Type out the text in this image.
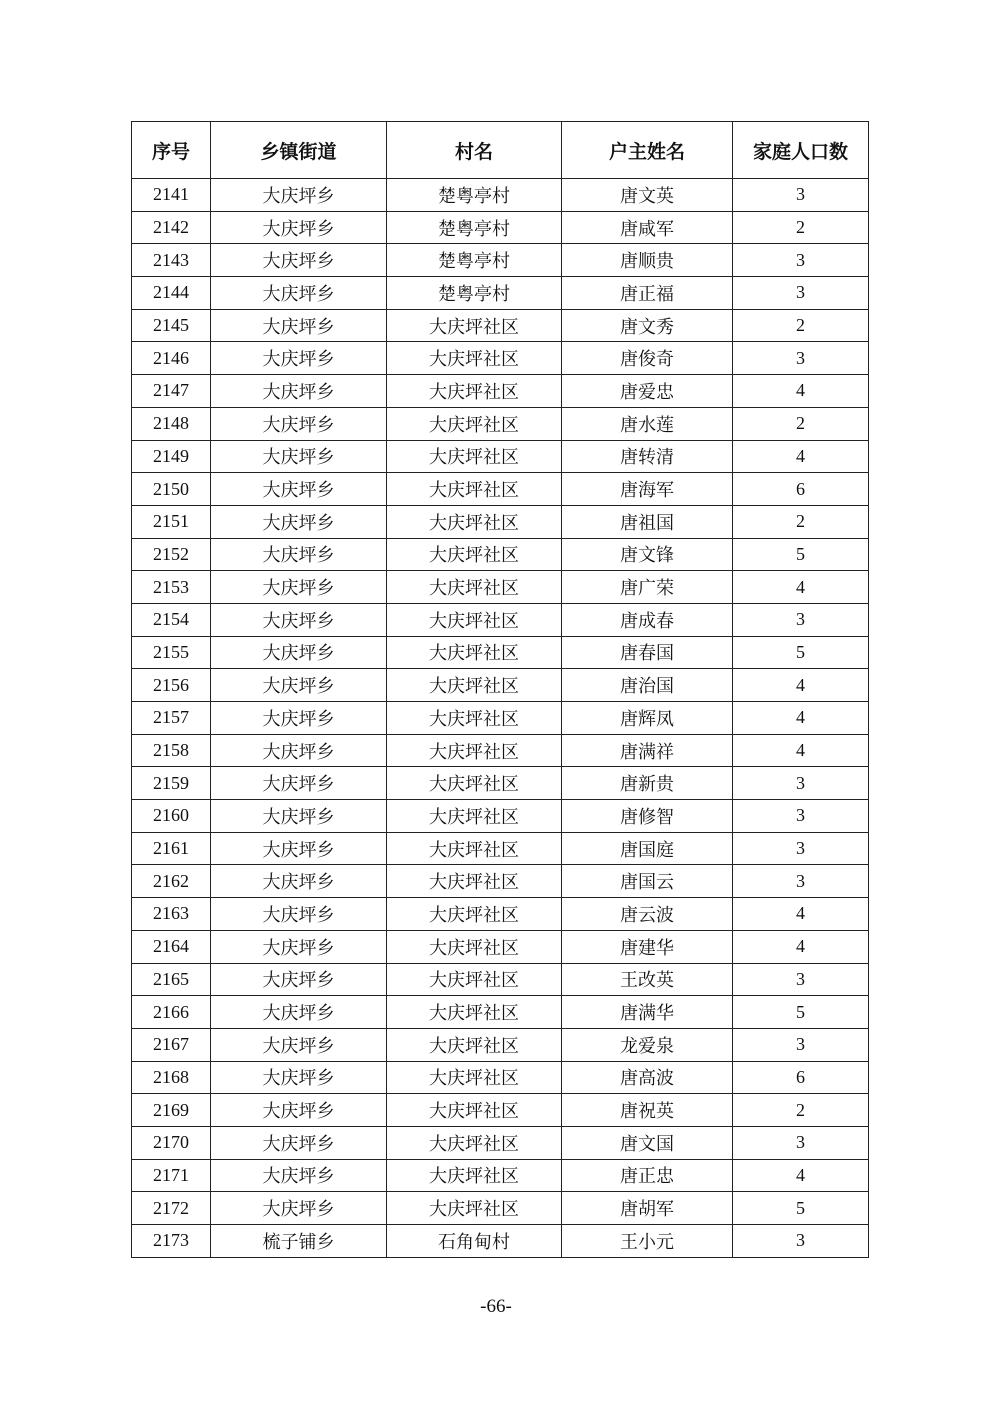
序号	乡镇街道	村名	户主姓名	家庭人口数
2141	大庆坪乡	楚粤亭村	唐文英	3
2142	大庆坪乡	楚粤亭村	唐咸军	2
2143	大庆坪乡	楚粤亭村	唐顺贵	3
2144	大庆坪乡	楚粤亭村	唐正福	3
2145	大庆坪乡	大庆坪社区	唐文秀	2
2146	大庆坪乡	大庆坪社区	唐俊奇	3
2147	大庆坪乡	大庆坪社区	唐爱忠	4
2148	大庆坪乡	大庆坪社区	唐水莲	2
2149	大庆坪乡	大庆坪社区	唐转清	4
2150	大庆坪乡	大庆坪社区	唐海军	6
2151	大庆坪乡	大庆坪社区	唐祖国	2
2152	大庆坪乡	大庆坪社区	唐文锋	5
2153	大庆坪乡	大庆坪社区	唐广荣	4
2154	大庆坪乡	大庆坪社区	唐成春	3
2155	大庆坪乡	大庆坪社区	唐春国	5
2156	大庆坪乡	大庆坪社区	唐治国	4
2157	大庆坪乡	大庆坪社区	唐辉凤	4
2158	大庆坪乡	大庆坪社区	唐满祥	4
2159	大庆坪乡	大庆坪社区	唐新贵	3
2160	大庆坪乡	大庆坪社区	唐修智	3
2161	大庆坪乡	大庆坪社区	唐国庭	3
2162	大庆坪乡	大庆坪社区	唐国云	3
2163	大庆坪乡	大庆坪社区	唐云波	4
2164	大庆坪乡	大庆坪社区	唐建华	4
2165	大庆坪乡	大庆坪社区	王改英	3
2166	大庆坪乡	大庆坪社区	唐满华	5
2167	大庆坪乡	大庆坪社区	龙爱泉	3
2168	大庆坪乡	大庆坪社区	唐高波	6
2169	大庆坪乡	大庆坪社区	唐祝英	2
2170	大庆坪乡	大庆坪社区	唐文国	3
2171	大庆坪乡	大庆坪社区	唐正忠	4
2172	大庆坪乡	大庆坪社区	唐胡军	5
2173	梳子铺乡	石角甸村	王小元	3
-66-
